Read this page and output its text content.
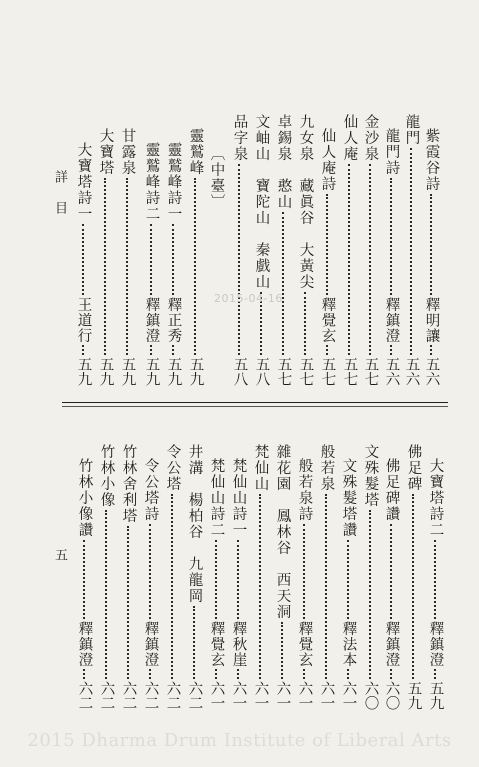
紫霞谷詩
釋明讓
五六
龍門
五六
龍門詩
釋鎮澄
五六
金沙泉
五七
仙人庵
五七
仙人庵詩
釋覺玄
五七
九女泉　藏眞谷　大黃尖
五七
卓錫泉　憨山
五七
文岫山　寶陀山　秦戲山
五八
品字泉
五八
〔中臺〕
靈鷲峰
五九
靈鷲峰詩一
釋正秀
五九
靈鷲峰詩二
釋鎮澄
五九
甘露泉
五九
大寶塔
五九
大寶塔詩一
王道行
五九
詳目
2015-04-16
大寶塔詩二
釋鎮澄
五九
佛足碑
五九
佛足碑讚
釋鎮澄
六〇
文殊髮塔
六〇
文殊髮塔讚
釋法本
六一
般若泉
六一
般若泉詩
釋覺玄
六一
雜花園　鳳林谷　西天洞
六一
梵仙山
六一
梵仙山詩一
釋秋崖
六一
梵仙山詩二
釋覺玄
六一
井溝　楊柏谷　九龍岡
六二
令公塔
六二
令公塔詩
釋鎮澄
六二
竹林舍利塔
六二
竹林小像
六二
竹林小像讚
釋鎮澄
六二
五
2015 Dharma Drum Institute of Liberal Arts
